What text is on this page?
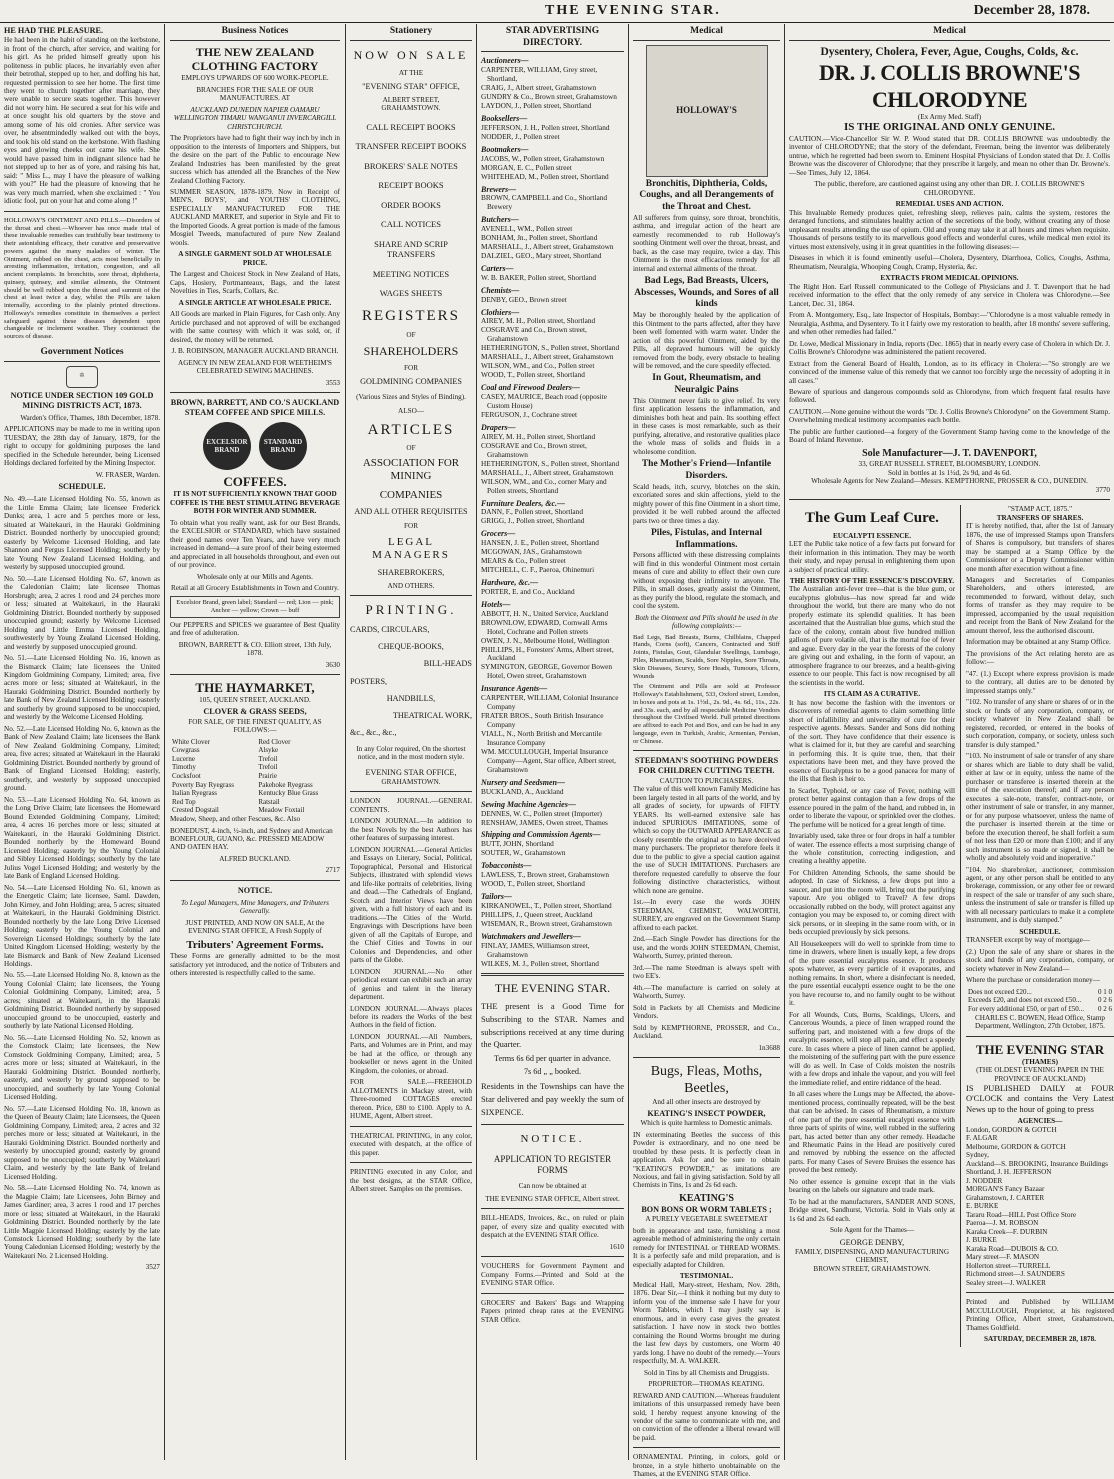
THE EVENING STAR.	December 28, 1878.
HE HAD THE PLEASURE.

He had been in the habit of standing on the kerbstone, in front of the church, after service, and waiting for his girl. As he prided himself greatly upon his politeness in public places, he invariably even after their betrothal, stepped up to her, and doffing his hat, requested permission to see her home. The first time they went to church together after marriage, they were unable to secure seats together. This however did not worry him. He secured a seat for his wife and at once sought his old quarters by the stove and among some of his old cronies. After service was over, he absentmindedly walked out with the boys, and took his old stand on the kerbstone. With flashing eyes and glowing cheeks out came his wife. She would have passed him in indignant silence had he not stepped up to her as of yore, and raising his hat, said: " Miss L., may I have the pleasure of walking with you?" He had the pleasure of knowing that he was very much married, when she exclaimed : " You idiotic fool, put on your hat and come along !"

HOLLOWAY'S OINTMENT AND PILLS.—Disorders of the throat and chest.—Whoever has once made trial of these invaluable remedies can truthfully bear testimony to their astonishing efficacy, their curative and preservative powers against the many maladies of winter. The Ointment, rubbed on the chest, acts most beneficially in arresting inflammation, irritation, congestion, and all ancient complaints. In bronchitis, sore throat, diphtheria, quinsey, quinsey, and similar ailments, the Ointment should be well rubbed upon the throat and summit of the chest at least twice a day, whilst the Pills are taken internally, according to the plainly printed directions. Holloway's remedies constitute in themselves a perfect safeguard against these diseases dependent upon changeable or inclement weather. They counteract the sources of disease.

Government Notices
♔
NOTICE UNDER SECTION 109 GOLD MINING DISTRICTS ACT, 1873.

Warden's Office, Thames, 18th December, 1878.

APPLICATIONS may be made to me in writing upon TUESDAY, the 28th day of January, 1879, for the right to occupy for goldmining purposes the land specified in the Schedule hereunder, being Licensed Holdings declared forfeited by the Mining Inspector.

W. FRASER, Warden.

SCHEDULE.

No. 49.—Late Licensed Holding No. 55, known as the Little Emma Claim; late licensee Frederick Dunks; area, 1 acre and 5 perches more or less, situated at Waitekauri, in the Hauraki Goldmining District. Bounded northerly by unoccupied ground; easterly by Welcome Licensed Holding, and late Shannon and Fergus Licensed Holding; southerly by late Young New Zealand Licensed Holding, and westerly by supposed unoccupied ground.

No. 50.—Late Licensed Holding No. 67, known as the Caledonian Claim; late licensee Thomas Horsbrugh; area, 2 acres 1 rood and 24 perches more or less; situated at Waitekauri, in the Hauraki Goldmining District. Bounded northerly by supposed unoccupied ground; easterly by Welcome Licensed Holding and Little Emma Licensed Holding, southwesterly by Young Zealand Licensed Holding, and westerly by supposed unoccupied ground.

No. 51.—Late Licensed Holding No. 16, known as the Bismarck Claim; late licensees the United Kingdom Goldmining Company, Limited; area, five acres more or less; situated at Waitekauri, in the Hauraki Goldmining District. Bounded northerly by late Bank of New Zealand Licensed Holding; easterly and southerly by ground supposed to be unoccupied, and westerly by the Welcome Licensed Holding.

No. 52.—Late Licensed Holding No. 6, known as the Bank of New Zealand Claim; late licensees the Bank of New Zealand Goldmining Company, Limited; area, five acres; situated at Waitekauri in the Hauraki Goldmining District. Bounded northerly by ground of Bank of England Licensed Holding; easterly, southerly, and westerly by supposed unoccupied ground.

No. 53.—Late Licensed Holding No. 64, known as the Long Drive Claim; late licensees the Homeward Bound Extended Goldmining Company, Limited; area, 4 acres 16 perches more or less; situated at Waitekauri, in the Hauraki Goldmining District. Bounded northerly by the Homeward Bound Licensed Holding; easterly by the Young Colonial and Sibley Licensed Holdings; southerly by the late Julius Vogel Licensed Holding; and westerly by the late Bank of England Licensed Holding.

No. 54.—Late Licensed Holding No. 61, known as the Energetic Claim; late licensee, Saml. Dawden, John Kirney, and John Holding; area, 5 acres; situated at Waitekauri, in the Hauraki Goldmining District. Bounded northerly by the late Long Drive Licensed Holding; easterly by the Young Colonial and Sovereign Licensed Holdings; southerly by the late United Kingdom Licensed Holding; westerly by the late Bismarck and Bank of New Zealand Licensed Holdings.

No. 55.—Late Licensed Holding No. 8, known as the Young Colonial Claim; late licensees, the Young Colonial Goldmining Company, Limited; area, 5 acres; situated at Waitekauri, in the Hauraki Goldmining District. Bounded northerly by supposed unoccupied ground to be unoccupied, easterly and southerly by late National Licensed Holding.

No. 56.—Late Licensed Holding No. 52, known as the Comstock Claim; late licensees, the New Comstock Goldmining Company, Limited; area, 5 acres more or less; situated at Waitekauri, in the Hauraki Goldmining District. Bounded northerly, easterly, and westerly by ground supposed to be unoccupied, and southerly by late Young Colonial Licensed Holding.

No. 57.—Late Licensed Holding No. 18, known as the Queen of Beauty Claim; late Licensees, the Queen Goldmining Company, Limited; area, 2 acres and 32 perches more or less; situated at Waitekauri, in the Hauraki Goldmining District. Bounded northerly and westerly by unoccupied ground; easterly by ground supposed to be unoccupied; southerly by Waitekauri Claim, and westerly by the late Bank of Ireland Licensed Holding.

No. 58.—Late Licensed Holding No. 74, known as the Magpie Claim; late Licensees, John Birney and James Gardiner; area, 3 acres 1 rood and 17 perches more or less; situated at Waitekauri, in the Hauraki Goldmining District. Bounded northerly by the late Little Magpie Licensed Holding; easterly by the late Comstock Licensed Holding; southerly by the late Young Caledonian Licensed Holding; westerly by the Waitekauri No. 2 Licensed Holding.

3527

Business Notices
THE NEW ZEALAND CLOTHING FACTORY

EMPLOYS UPWARDS OF 600 WORK-PEOPLE.

BRANCHES FOR THE SALE OF OUR MANUFACTURES. AT

AUCKLAND DUNEDIN NAPIER OAMARU WELLINGTON TIMARU WANGANUI INVERCARGILL CHRISTCHURCH.

The Proprietors have had to fight their way inch by inch in opposition to the interests of Importers and Shippers, but the desire on the part of the Public to encourage New Zealand Industries has been manifested by the great success which has attended all the Branches of the New Zealand Clothing Factory.

SUMMER SEASON, 1878-1879. Now in Receipt of MEN'S, BOYS', and YOUTHS' CLOTHING, ESPECIALLY MANUFACTURED FOR THE AUCKLAND MARKET, and superior in Style and Fit to the Imported Goods. A great portion is made of the famous Mosgiel Tweeds, manufactured of pure New Zealand wools.

A SINGLE GARMENT SOLD AT WHOLESALE PRICE.

The Largest and Choicest Stock in New Zealand of Hats, Caps, Hosiery, Portmanteaux, Bags, and the latest Novelties in Ties, Scarfs, Collars, &c.

A SINGLE ARTICLE AT WHOLESALE PRICE.

All Goods are marked in Plain Figures, for Cash only. Any Article purchased and not approved of will be exchanged with the same courtesy with which it was sold, or, if desired, the money will be returned.

J. B. ROBINSON, MANAGER AUCKLAND BRANCH.

AGENCY IN NEW ZEALAND FOR WEETHEIM'S CELEBRATED SEWING MACHINES.

3553

BROWN, BARRETT, AND CO.'S AUCKLAND STEAM COFFEE AND SPICE MILLS.
EXCELSIOR BRAND
STANDARD BRAND
COFFEES.

IT IS NOT SUFFICIENTLY KNOWN THAT GOOD COFFEE IS THE BEST STIMULATING BEVERAGE BOTH FOR WINTER AND SUMMER.

To obtain what you really want, ask for our Best Brands, the EXCELSIOR or STANDARD, which have sustained their good names over Ten Years, and have very much increased in demand—a sure proof of their being esteemed and appreciated in all households throughout, and even out of our province.

Wholesale only at our Mills and Agents.

Retail at all Grocery Establishments in Town and Country.

Excelsior Brand, green label; Standard — red; Lion — pink; Anchor — yellow; Crown — buff

Our PEPPERS and SPICES we guarantee of Best Quality and free of adulteration.

BROWN, BARRETT & CO. Elliott street, 13th July, 1878.

3630

THE HAYMARKET,

105, QUEEN STREET, AUCKLAND.

CLOVER & GRASS SEEDS,

FOR SALE, OF THE FINEST QUALITY, AS FOLLOWS:—

White Clover	Red Clover
Cowgrass	Alsyke
Lucerne	Trefoil
Timothy	Trefoil
Cocksfoot	Prairie
Poverty Bay Ryegrass	Pakehoke Ryegrass
Italian Ryegrass	Kentucky Blue Grass
Red Top	Ratstail
Crested Dogstail	Meadow Foxtail

Meadow, Sheep, and other Fescues, &c. Also

BONEDUST, 4-inch, ½-inch, and Sydney and American BONEFLOUR, GUANO, &c. PRESSED MEADOW AND OATEN HAY.

ALFRED BUCKLAND.

2717

NOTICE.

To Legal Managers, Mine Managers, and Tributers Generally.

JUST PRINTED, AND NOW ON SALE, At the EVENING STAR OFFICE, A Fresh Supply of

Tributers' Agreement Forms.

These Forms are generally admitted to be the most satisfactory yet introduced, and the notice of Tributers and others interested is respectfully called to the same.

Stationery
NOW ON SALE
AT THE
"EVENING STAR" OFFICE,
ALBERT STREET,
GRAHAMSTOWN.
CALL RECEIPT BOOKS
TRANSFER RECEIPT BOOKS
BROKERS' SALE NOTES
RECEIPT BOOKS
ORDER BOOKS
CALL NOTICES
SHARE AND SCRIP TRANSFERS
MEETING NOTICES
WAGES SHEETS
REGISTERS
OF
SHAREHOLDERS
FOR
GOLDMINING COMPANIES
(Various Sizes and Styles of Binding).
ALSO—
ARTICLES
OF
ASSOCIATION FOR MINING
COMPANIES
AND ALL OTHER REQUISITES
FOR
LEGAL MANAGERS
SHAREBROKERS,
AND OTHERS.
PRINTING.
CARDS, CIRCULARS,
CHEQUE-BOOKS,
BILL-HEADS
POSTERS,
HANDBILLS,
THEATRICAL WORK,
&c., &c., &c.,

In any Color required, On the shortest notice, and in the most modern style.

EVENING STAR OFFICE,
GRAHAMSTOWN.

LONDON JOURNAL.—GENERAL CONTENTS.

LONDON JOURNAL.—In addition to the best Novels by the best Authors has other features of surpassing interest.

LONDON JOURNAL.—General Articles and Essays on Literary, Social, Political, Topographical, Personal and Historical Subjects, illustrated with splendid views and life-like portraits of celebrities, living and dead.—The Cathedrals of England, Scotch and Interior Views have been given, with a full history of each and its traditions.—The Cities of the World. Engravings with Descriptions have been given of all the Capitals of Europe, and the Chief Cities and Towns in our Colonies and Dependencies, and other parts of the Globe.

LONDON JOURNAL.—No other periodical extant can exhibit such an array of genius and talent in the literary department.

LONDON JOURNAL.—Always places before its readers the Works of the best Authors in the field of fiction.

LONDON JOURNAL.—All Numbers, Parts, and Volumes are in Print, and may be had at the office, or through any bookseller or news agent in the United Kingdom, the colonies, or abroad.

FOR SALE.—FREEHOLD ALLOTMENTS in Mackay street, with Three-roomed COTTAGES erected thereon. Price, £80 to £100. Apply to A. HUME, Agent, Albert street.

THEATRICAL PRINTING, in any color, executed with despatch, at the office of this paper.

PRINTING executed in any Color, and the best designs, at the STAR Office, Albert street. Samples on the premises.

STAR ADVERTISING DIRECTORY.
Auctioneers—
CARPENTER, WILLIAM, Grey street, Shortland,
CRAIG, J., Albert street, Grahamstown
GUNDRY & Co., Brown street, Grahamstown
LAYDON, J., Pollen street, Shortland
Booksellers—
JEFFERSON, J. H., Pollen street, Shortland
NODDER, J., Pollen street
Bootmakers—
JACOBS, W., Pollen street, Grahamstown
MORGAN, E. C., Pollen street
WHITEHEAD, M., Pollen street, Shortland
Brewers—
BROWN, CAMPBELL and Co., Shortland Brewery
Butchers—
AVENELL, WM., Pollen street
BONHAM, Jn., Pollen street, Shortland
MARSHALL, J., Albert street, Grahamstown
DALZIEL, GEO., Mary street, Shortland
Carters—
W. B. BAKER, Pollen street, Shortland
Chemists—
DENBY, GEO., Brown street
Clothiers—
AIREY, M. H., Pollen street, Shortland
COSGRAVE and Co., Brown street, Grahamstown
HETHERINGTON, S., Pollen street, Shortland
MARSHALL, J., Albert street, Grahamstown
WILSON, WM., and Co., Pollen street
WOOD, T., Pollen street, Shortland
Coal and Firewood Dealers—
CASEY, MAURICE, Beach road (opposite Custom House)
FERGUSON, J., Cochrane street
Drapers—
AIREY, M. H., Pollen street, Shortland
COSGRAVE and Co., Brown street, Grahamstown
HETHERINGTON, S., Pollen street, Shortland
MARSHALL, J., Albert street, Grahamstown
WILSON, WM., and Co., corner Mary and Pollen streets, Shortland
Furniture Dealers, &c.—
DANN, F., Pollen street, Shortland
GRIGG, J., Pollen street, Shortland
Grocers—
HANSEN, J. E., Pollen street, Shortland
MCGOWAN, JAS., Grahamstown
MEARS & Co., Pollen street
MITCHELL, C. F., Paeroa, Ohinemuri
Hardware, &c.—
PORTER, E. and Co., Auckland
Hotels—
ABBOTT, H. N., United Service, Auckland
BROWNLOW, EDWARD, Cornwall Arms Hotel, Cochrane and Pollen streets
OWEN, J. N., Melbourne Hotel, Wellington
PHILLIPS, H., Foresters' Arms, Albert street, Auckland
SYMINGTON, GEORGE, Governor Bowen Hotel, Owen street, Grahamstown
Insurance Agents—
CARPENTER, WILLIAM, Colonial Insurance Company
FRATER BROS., South British Insurance Company
VIALL, N., North British and Mercantile Insurance Company
WM. MCCULLOUGH, Imperial Insurance Company—Agent, Star office, Albert street, Grahamstown
Nursery and Seedsmen—
BUCKLAND, A., Auckland
Sewing Machine Agencies—
DENNES, W. C., Pollen street (Importer)
RENSHAW, JAMES, Owen street, Thames
Shipping and Commission Agents—
BUTT, JOHN, Shortland
SOUTER, W., Grahamstown
Tobacconists—
LAWLESS, T., Brown street, Grahamstown
WOOD, T., Pollen street, Shortland
Tailors—
KIRKANOWEL, T., Pollen street, Shortland
PHILLIPS, J., Queen street, Auckland
WISEMAN, R., Brown street, Grahamstown
Watchmakers and Jewellers—
FINLAY, JAMES, Williamson street, Grahamstown
WILKES, M. J., Pollen street, Shortland
THE EVENING STAR.

THE present is a Good Time for Subscribing to the STAR. Names and subscriptions received at any time during the Quarter.

Terms 6s 6d per quarter in advance.

7s 6d „ „ booked.

Residents in the Townships can have the Star delivered and pay weekly the sum of SIXPENCE.

NOTICE.

APPLICATION TO REGISTER FORMS

Can now be obtained at

THE EVENING STAR OFFICE, Albert street.

BILL-HEADS, Invoices, &c., on ruled or plain paper, of every size and quality executed with despatch at the EVENING STAR Office.

1610

VOUCHERS for Government Payment and Company Forms.—Printed and Sold at the EVENING STAR Office.

GROCERS' and Bakers' Bags and Wrapping Papers printed cheap rates at the EVENING STAR Office.

Medical
HOLLOWAY'S
Bronchitis, Diphtheria, Colds, Coughs, and all Derangements of the Throat and Chest.

All sufferers from quinsy, sore throat, bronchitis, asthma, and irregular action of the heart are earnestly recommended to rub Holloway's soothing Ointment well over the throat, breast, and back, as the case may require, twice a day. This Ointment is the most efficacious remedy for all internal and external ailments of the throat.

Bad Legs, Bad Breasts, Ulcers, Abscesses, Wounds, and Sores of all kinds

May be thoroughly healed by the application of this Ointment to the parts affected, after they have been well fomented with warm water. Under the action of this powerful Ointment, aided by the Pills, all depraved humours will be quickly removed from the body, every obstacle to healing will be removed, and the cure speedily effected.

In Gout, Rheumatism, and Neuralgic Pains

This Ointment never fails to give relief. Its very first application lessens the inflammation, and diminishes both heat and pain. Its soothing effect in these cases is most remarkable, such as their purifying, alterative, and restorative qualities place the whole mass of solids and fluids in a wholesome condition.

The Mother's Friend—Infantile Disorders.

Scald heads, itch, scurvy, blotches on the skin, excoriated sores and skin affections, yield to the mighty power of this fine Ointment in a short time, provided it be well rubbed around the affected parts two or three times a day.

Piles, Fistulas, and Internal Inflammations.

Persons afflicted with these distressing complaints will find in this wonderful Ointment most certain means of cure and ability to effect their own cure without exposing their infirmity to anyone. The Pills, in small doses, greatly assist the Ointment, as they purify the blood, regulate the stomach, and cool the system.

Both the Ointment and Pills should be used in the following complaints:—

Bad Legs, Bad Breasts, Burns, Chilblains, Chapped Hands, Corns (soft), Cancers, Contracted and Stiff Joints, Fistulas, Gout, Glandular Swellings, Lumbago, Piles, Rheumatism, Scalds, Sore Nipples, Sore Throats, Skin Diseases, Scurvy, Sore Heads, Tumours, Ulcers, Wounds

The Ointment and Pills are sold at Professor Holloway's Establishment, 533, Oxford street, London, in boxes and pots at 1s. 1½d., 2s. 9d., 4s. 6d., 11s., 22s. and 33s. each, and by all respectable Medicine Vendors throughout the Civilised World. Full printed directions are affixed to each Pot and Box, and can be had in any language, even in Turkish, Arabic, Armenian, Persian, or Chinese.

STEEDMAN'S SOOTHING POWDERS FOR CHILDREN CUTTING TEETH.
CAUTION TO PURCHASERS.

The value of this well known Family Medicine has been largely tested in all parts of the world, and by all grades of society, for upwards of FIFTY YEARS. Its well-earned extensive sale has induced SPURIOUS IMITATIONS, some of which so copy the OUTWARD APPEARANCE as closely resemble the original as to have deceived many purchasers. The proprietor therefore feels it due to the public to give a special caution against the use of SUCH IMITATIONS. Purchasers are therefore requested carefully to observe the four following distinctive characteristics, without which none are genuine.

1st.—In every case the words JOHN STEEDMAN, CHEMIST, WALWORTH, SURREY, are engraved on the Government Stamp affixed to each packet.

2nd.—Each Single Powder has directions for the use, and the words JOHN STEEDMAN, Chemist, Walworth, Surrey, printed thereon.

3rd.—The name Steedman is always spelt with two EE's.

4th.—The manufacture is carried on solely at Walworth, Surrey.

Sold in Packets by all Chemists and Medicine Vendors.

Sold by KEMPTHORNE, PROSSER, and Co., Auckland.

1n3688

Bugs, Fleas, Moths, Beetles,

And all other insects are destroyed by

KEATING'S INSECT POWDER,

Which is quite harmless to Domestic animals.

IN exterminating Beetles the success of this Powder is extraordinary, and no one need be troubled by these pests. It is perfectly clean in application. Ask for and be sure to obtain "KEATING'S POWDER," as imitations are Noxious, and fail in giving satisfaction. Sold by all Chemists in Tins, 1s and 2s 6d each.

KEATING'S
BON BONS OR WORM TABLETS ;

A PURELY VEGETABLE SWEETMEAT

both in appearance and taste, furnishing a most agreeable method of administering the only certain remedy for INTESTINAL or THREAD WORMS. It is a perfectly safe and mild preparation, and is especially adapted for Children.

TESTIMONIAL.

Medical Hall, Mary-street, Hexham, Nov. 28th, 1876. Dear Sir,—I think it nothing but my duty to inform you of the immense sale I have for your Worm Tablets, which I may justly say is enormous, and in every case gives the greatest satisfaction. I have now in stock two bottles containing the Round Worms brought me during the last few days by customers, one Worm 40 yards long. I have no doubt of the remedy.—Yours respectfully, M. A. WALKER.

Sold in Tins by all Chemists and Druggists.

PROPRIETOR—THOMAS KEATING.

REWARD AND CAUTION.—Whereas fraudulent imitations of this unsurpassed remedy have been sold, I hereby request anyone knowing of the vendor of the same to communicate with me, and on conviction of the offender a liberal reward will be paid.

ORNAMENTAL Printing, in colors, gold or bronze, in a style hitherto unobtainable on the Thames, at the EVENING STAR Office.

Medical
Dysentery, Cholera, Fever, Ague, Coughs, Colds, &c.
DR. J. COLLIS BROWNE'S CHLORODYNE
(Ex Army Med. Staff)
IS THE ORIGINAL AND ONLY GENUINE.

CAUTION.—Vice-Chancellor Sir W. P. Wood stated that DR. COLLIS BROWNE was undoubtedly the inventor of CHLORODYNE; that the story of the defendant, Freeman, being the inventor was deliberately untrue, which he regretted had been sworn to. Eminent Hospital Physicians of London stated that Dr. J. Collis Browne was the discoverer of Chlorodyne; that they prescribe it largely, and mean no other than Dr. Browne's.—See Times, July 12, 1864.

The public, therefore, are cautioned against using any other than DR. J. COLLIS BROWNE'S CHLORODYNE.

REMEDIAL USES AND ACTION.

This Invaluable Remedy produces quiet, refreshing sleep, relieves pain, calms the system, restores the deranged functions, and stimulates healthy action of the secretions of the body, without creating any of those unpleasant results attending the use of opium. Old and young may take it at all hours and times when requisite. Thousands of persons testify to its marvellous good effects and wonderful cures, while medical men extol its virtues most extensively, using it in great quantities in the following diseases:—

Diseases in which it is found eminently useful—Cholera, Dysentery, Diarrhoea, Colics, Coughs, Asthma, Rheumatism, Neuralgia, Whooping Cough, Cramp, Hysteria, &c.

EXTRACTS FROM MEDICAL OPINIONS.

The Right Hon. Earl Russell communicated to the College of Physicians and J. T. Davenport that he had received information to the effect that the only remedy of any service in Cholera was Chlorodyne.—See Lancet, Dec. 31, 1864.

From A. Montgomery, Esq., late Inspector of Hospitals, Bombay:—"Chlorodyne is a most valuable remedy in Neuralgia, Asthma, and Dysentery. To it I fairly owe my restoration to health, after 18 months' severe suffering, and when other remedies had failed."

Dr. Lowe, Medical Missionary in India, reports (Dec. 1865) that in nearly every case of Cholera in which Dr. J. Collis Browne's Chlorodyne was administered the patient recovered.

Extract from the General Board of Health, London, as to its efficacy in Cholera:—"So strongly are we convinced of the immense value of this remedy that we cannot too forcibly urge the necessity of adopting it in all cases."

Beware of spurious and dangerous compounds sold as Chlorodyne, from which frequent fatal results have followed.

CAUTION.—None genuine without the words "Dr. J. Collis Browne's Chlorodyne" on the Government Stamp. Overwhelming medical testimony accompanies each bottle.

The public are further cautioned—a forgery of the Government Stamp having come to the knowledge of the Board of Inland Revenue.

Sole Manufacturer—J. T. DAVENPORT,
33, GREAT RUSSELL STREET, BLOOMSBURY, LONDON.
Sold in bottles at 1s 1½d, 2s 9d, and 4s 6d.
Wholesale Agents for New Zealand—Messrs. KEMPTHORNE, PROSSER & CO., DUNEDIN.
3770
The Gum Leaf Cure.
EUCALYPTI ESSENCE.

LET the Public take notice of a few facts put forward for their information in this intimation. They may be worth their study, and repay perusal in enlightening them upon a subject of practical utility.

THE HISTORY OF THE ESSENCE'S DISCOVERY.

The Australian anti-fever tree—that is the blue gum, or eucalyptus globulus—has now spread far and wide throughout the world, but there are many who do not properly estimate its splendid qualities. It has been ascertained that the Australian blue gums, which stud the face of the colony, contain about five hundred million gallons of pure volatile oil, that is the mortal foe of fever and ague. Every day in the year the forests of the colony are giving out and exhaling, in the form of vapour, an atmosphere fragrance to our breezes, and a health-giving essence to our people. This fact is now recognised by all the scientists in the world.

ITS CLAIM AS A CURATIVE.

It has now become the fashion with the inventors or discoverers of remedial agents to claim something little short of infallibility and universality of cure for their respective agents. Messrs. Sander and Sons did nothing of the sort. They have confidence that their essence is what is claimed for it, but they are careful and searching in performing this. It is quite true, then, that their expectations have been met, and they have proved the essence of Eucalyptus to be a good panacea for many of the ills that flesh is heir to.

In Scarlet, Typhoid, or any case of Fever, nothing will protect better against contagion than a few drops of the essence poured in the palm of the hand, and rubbed in, in order to liberate the vapour, or sprinkled over the clothes. The perfume will be noticed for a great length of time.

Invariably used, take three or four drops in half a tumbler of water. The essence effects a most surprising change of the whole constitution, correcting indigestion, and creating a healthy appetite.

For Children Attending Schools, the same should be adopted. In case of Sickness, a few drops put into a saucer, and put into the room will, bring out the purifying vapour. Are you obliged to Travel? A few drops occasionally rubbed on the body, will protect against any contagion you may be exposed to, or coming direct with sick persons, or in sleeping in the same room with, or in beds occupied previously by sick persons.

All Housekeepers will do well to sprinkle from time to time in drawers, where linen is usually kept, a few drops of the pure essential eucalyptus essence. It produces spots whatever, as every particle of it evaporates, and nothing remains. In short, where a disinfectant is needed, the pure essential eucalypti essence ought to be the one you have recourse to, and no family ought to be without it.

For all Wounds, Cuts, Burns, Scaldings, Ulcers, and Cancerous Wounds, a piece of linen wrapped round the suffering part, and moistened with a few drops of the eucalyptic essence, will stop all pain, and effect a speedy cure. In cases where a piece of linen cannot be applied, the moistening of the suffering part with the pure essence will do as well. In Case of Colds moisten the nostrils with a few drops and inhale the vapour, and you will feel the immediate relief, and entire riddance of the head.

In all cases where the Lungs may be Affected, the above-mentioned process, continually repeated, will be the best that can be advised. In cases of Rheumatism, a mixture of one part of the pure essential eucalypti essence with three parts of spirits of wine, well rubbed in the suffering part, has acted better than any other remedy. Headache and Rheumatic Pains in the Head are positively cured and removed by rubbing the essence on the affected parts. For many Cases of Severe Bruises the essence has proved the best remedy.

No other essence is genuine except that in the vials bearing on the labels our signature and trade mark.

To be had at the manufacturers, SANDER AND SONS, Bridge street, Sandhurst, Victoria. Sold in Vials only at 1s 6d and 2s 6d each.

Sole Agent for the Thames—

GEORGE DENBY,
FAMILY, DISPENSING, AND MANUFACTURING CHEMIST,
BROWN STREET, GRAHAMSTOWN.
"STAMP ACT, 1875."
TRANSFERS OF SHARES.

IT is hereby notified, that, after the 1st of January 1876, the use of impressed Stamps upon Transfers of Shares is compulsory, but transfers of shares may be stamped at a Stamp Office by the Commissioner or a Deputy Commissioner within one month after execution without a fine.

Managers and Secretaries of Companies Shareholders, and others interested, are recommended to forward, without delay, such forms of transfer as they may require to be impressed, accompanied by the usual requisition and receipt from the Bank of New Zealand for the amount thereof, less the authorised discount.

Information may be obtained at any Stamp Office.

The provisions of the Act relating hereto are as follow:—

"47. (1.) Except where express provision is made to the contrary, all duties are to be denoted by impressed stamps only."

"102. No transfer of any share or shares of or in the stock or funds of any corporation, company, or society whatever in New Zealand shall be registered, recorded, or entered in the books of such corporation, company, or society, unless such transfer is duly stamped."

"103. No instrument of sale or transfer of any share or shares which are liable to duty shall be valid, either at law or in equity, unless the name of the purchaser or transferee is inserted therein at the time of the execution thereof; and if any person executes a sale-note, transfer, contract-note, or other instrument of sale or transfer, in any manner, or for any purpose whatsoever, unless the name of the purchaser is inserted therein at the time or before the execution thereof, he shall forfeit a sum of not less than £20 or more than £100; and if any such instrument is so made or signed, it shall be wholly and absolutely void and inoperative."

"104. No sharebroker, auctioneer, commission agent, or any other person shall be entitled to any brokerage, commission, or any other fee or reward in respect of the sale or transfer of any such share, unless the instrument of sale or transfer is filled up with all necessary particulars to make it a complete instrument, and is duly stamped."

SCHEDULE.

TRANSFER except by way of mortgage—

(2.) Upon the sale of any share or shares in the stock and funds of any corporation, company, or society whatever in New Zealand—

Where the purchase or consideration money—

Does not exceed £20...	0 1 0
Exceeds £20, and does not exceed £50...	0 2 6
For every additional £50, or part of £50...	0 2 6

CHARLES C. BOWEN, Head Office, Stamp Department, Wellington, 27th October, 1875.

THE EVENING STAR
(THAMES)
(THE OLDEST EVENING PAPER IN THE PROVINCE OF AUCKLAND)

IS PUBLISHED DAILY at FOUR O'CLOCK and contains the Very Latest News up to the hour of going to press

AGENCIES—
London, GORDON & GOTCH
F. ALGAR
Melbourne, GORDON & GOTCH
Sydney,
Auckland—S. BROOKING, Insurance Buildings
Shortland, J. H. JEFFERSON
J. NODDER
MORGAN'S Fancy Bazaar
Grahamstown, J. CARTER
E. BURKE
Tararu Road—HILL Post Office Store
Paeroa—J. M. ROBSON
Karaka Creek—F. DURBIN
J. BURKE
Karaka Road—DUBOIS & CO.
Mary street—F. MASON
Hollerton street—TURRELL
Richmond street—J. SAUNDERS
Sealey street—J. WALKER

Printed and Published by WILLIAM MCCULLOUGH, Proprietor, at his registered Printing Office, Albert street, Grahamstown, Thames Goldfield.

SATURDAY, DECEMBER 28, 1878.
